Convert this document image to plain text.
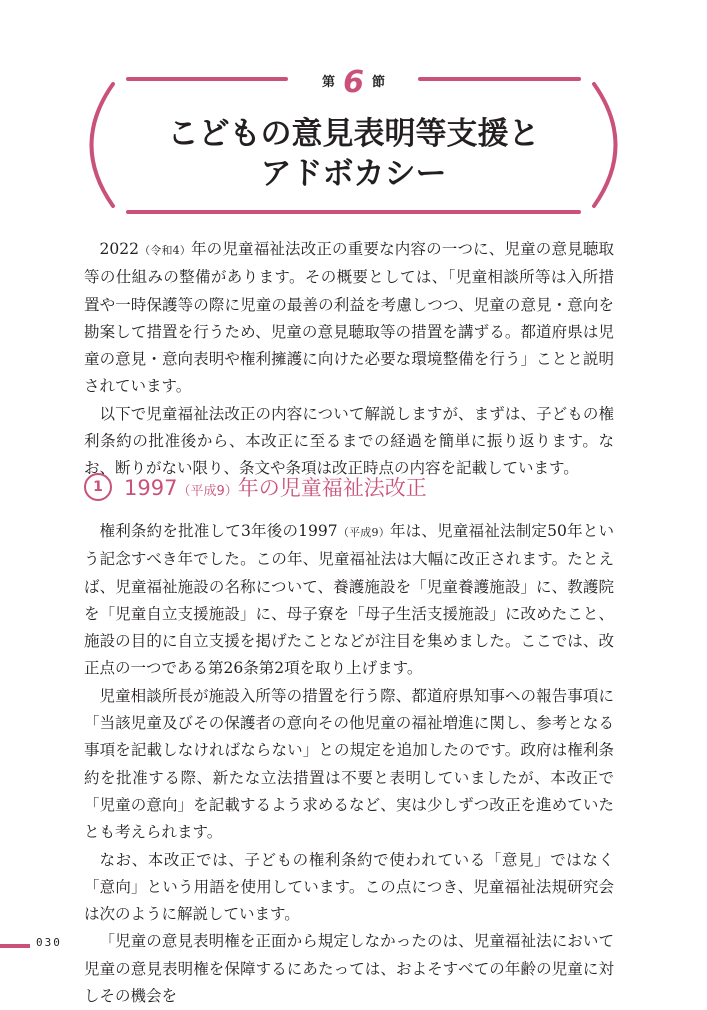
$^第$ 6 $^節$
こどもの意見表明等支援と
アドボカシー

2022（令和4）年の児童福祉法改正の重要な内容の一つに、児童の意見聴取等の仕組みの整備があります。その概要としては、「児童相談所等は入所措置や一時保護等の際に児童の最善の利益を考慮しつつ、児童の意見・意向を勘案して措置を行うため、児童の意見聴取等の措置を講ずる。都道府県は児童の意見・意向表明や権利擁護に向けた必要な環境整備を行う」ことと説明されています。

以下で児童福祉法改正の内容について解説しますが、まずは、子どもの権利条約の批准後から、本改正に至るまでの経過を簡単に振り返ります。なお、断りがない限り、条文や条項は改正時点の内容を記載しています。

1	1997（平成9）年の児童福祉法改正

権利条約を批准して3年後の1997（平成9）年は、児童福祉法制定50年という記念すべき年でした。この年、児童福祉法は大幅に改正されます。たとえば、児童福祉施設の名称について、養護施設を「児童養護施設」に、教護院を「児童自立支援施設」に、母子寮を「母子生活支援施設」に改めたこと、施設の目的に自立支援を掲げたことなどが注目を集めました。ここでは、改正点の一つである第26条第2項を取り上げます。

児童相談所長が施設入所等の措置を行う際、都道府県知事への報告事項に「当該児童及びその保護者の意向その他児童の福祉増進に関し、参考となる事項を記載しなければならない」との規定を追加したのです。政府は権利条約を批准する際、新たな立法措置は不要と表明していましたが、本改正で「児童の意向」を記載するよう求めるなど、実は少しずつ改正を進めていたとも考えられます。

なお、本改正では、子どもの権利条約で使われている「意見」ではなく「意向」という用語を使用しています。この点につき、児童福祉法規研究会は次のように解説しています。

「児童の意見表明権を正面から規定しなかったのは、児童福祉法において児童の意見表明権を保障するにあたっては、およそすべての年齢の児童に対しその機会を

030
